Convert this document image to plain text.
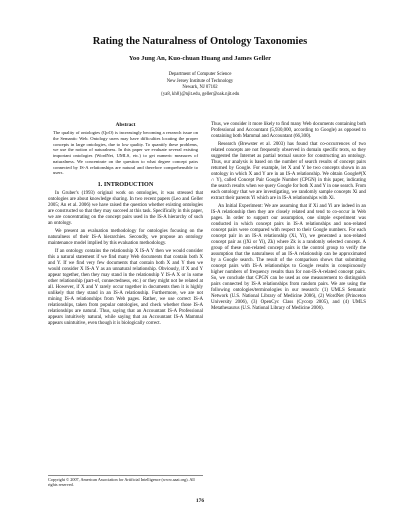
Rating the Naturalness of Ontology Taxonomies
Yoo Jung An, Kuo-chuan Huang and James Geller
Department of Computer Science
New Jersey Institute of Technology
Newark, NJ 07102
{ya8, kh8}@njit.edu, geller@oak.njit.edu
Abstract
The quality of ontologies (QoO) is increasingly becoming a research issue on the Semantic Web. Ontology users may have difficulties locating the proper concepts in large ontologies, due to low quality. To quantify these problems, we use the notion of naturalness. In this paper we evaluate several existing important ontologies (WordNet, UMLS, etc.) to get numeric measures of naturalness. We concentrate on the question to what degree concept pairs connected by IS-A relationships are natural and therefore comprehensible to users.
1. INTRODUCTION

In Gruber's (1993) original work on ontologies, it was stressed that ontologies are about knowledge sharing. In two recent papers (Leo and Geller 2005; An et al. 2006) we have raised the question whether existing ontologies are constructed so that they may succeed at this task. Specifically in this paper, we are concentrating on the concept pairs used in the IS-A hierarchy of such an ontology.

We present an evaluation methodology for ontologies focusing on the naturalness of their IS-A hierarchies. Secondly, we propose an ontology maintenance model implied by this evaluation methodology.

If an ontology contains the relationship X IS-A Y then we would consider this a natural statement if we find many Web documents that contain both X and Y. If we find very few documents that contain both X and Y then we would consider X IS-A Y as an unnatural relationship. Obviously, if X and Y appear together, then they may stand in the relationship Y IS-A X or in some other relationship (part-of, connectedness, etc.) or they might not be related at all. However, if X and Y rarely occur together in documents then it is highly unlikely that they stand in an IS-A relationship. Furthermore, we are not mining IS-A relationships from Web pages. Rather, we use correct IS-A relationships, taken from popular ontologies, and check whether those IS-A relationships are natural. Thus, saying that an Accountant IS-A Professional appears intuitively natural, while saying that an Accountant IS-A Mammal appears unintuitive, even though it is biologically correct.

Copyright © 2007, American Association for Artificial Intelligence (www.aaai.org). All rights reserved.

Thus, we consider it more likely to find many Web documents containing both Professional and Accountant (5,930,000, according to Google) as opposed to containing both Mammal and Accountant (66,300).

Research (Brewster et al. 2003) has found that co-occurrences of two related concepts are not frequently observed in domain specific texts, so they suggested the Internet as partial textual source for constructing an ontology. Thus, our analysis is based on the number of search results of concept pairs returned by Google. For example, let X and Y be two concepts shown in an ontology in which X and Y are in an IS-A relationship. We obtain Google#(X ∩ Y), called Concept Pair Google Number (CPGN) in this paper, indicating the search results when we query Google for both X and Y in one search. From each ontology that we are investigating, we randomly sample concepts Xi and extract their parents Yi which are in IS-A relationships with Xi.

An Initial Experiment: We are assuming that if Xi and Yi are indeed in an IS-A relationship then they are closely related and tend to co-occur in Web pages. In order to support our assumption, one simple experiment was conducted in which concept pairs in IS-A relationships and non-related concept pairs were compared with respect to their Google numbers. For each concept pair in an IS-A relationship (Xi, Yi), we generated a non-related concept pair as ((Xi or Yi), Zk) where Zk is a randomly selected concept. A group of these non-related concept pairs is the control group to verify the assumption that the naturalness of an IS-A relationship can be approximated by a Google search. The result of the comparison shows that submitting concept pairs with IS-A relationships to Google results in conspicuously higher numbers of frequency results than for non-IS-A-related concept pairs. So, we conclude that CPGN can be used as one measurement to distinguish pairs connected by IS-A relationships from random pairs. We are using the following ontologies/terminologies in our research: (1) UMLS Semantic Network (U.S. National Library of Medicine 2006), (2) WordNet (Princeton University 2006), (3) OpenCyc Class (Cycorp 2005), and (4) UMLS Metathesaurus (U.S. National Library of Medicine 2006).

176
